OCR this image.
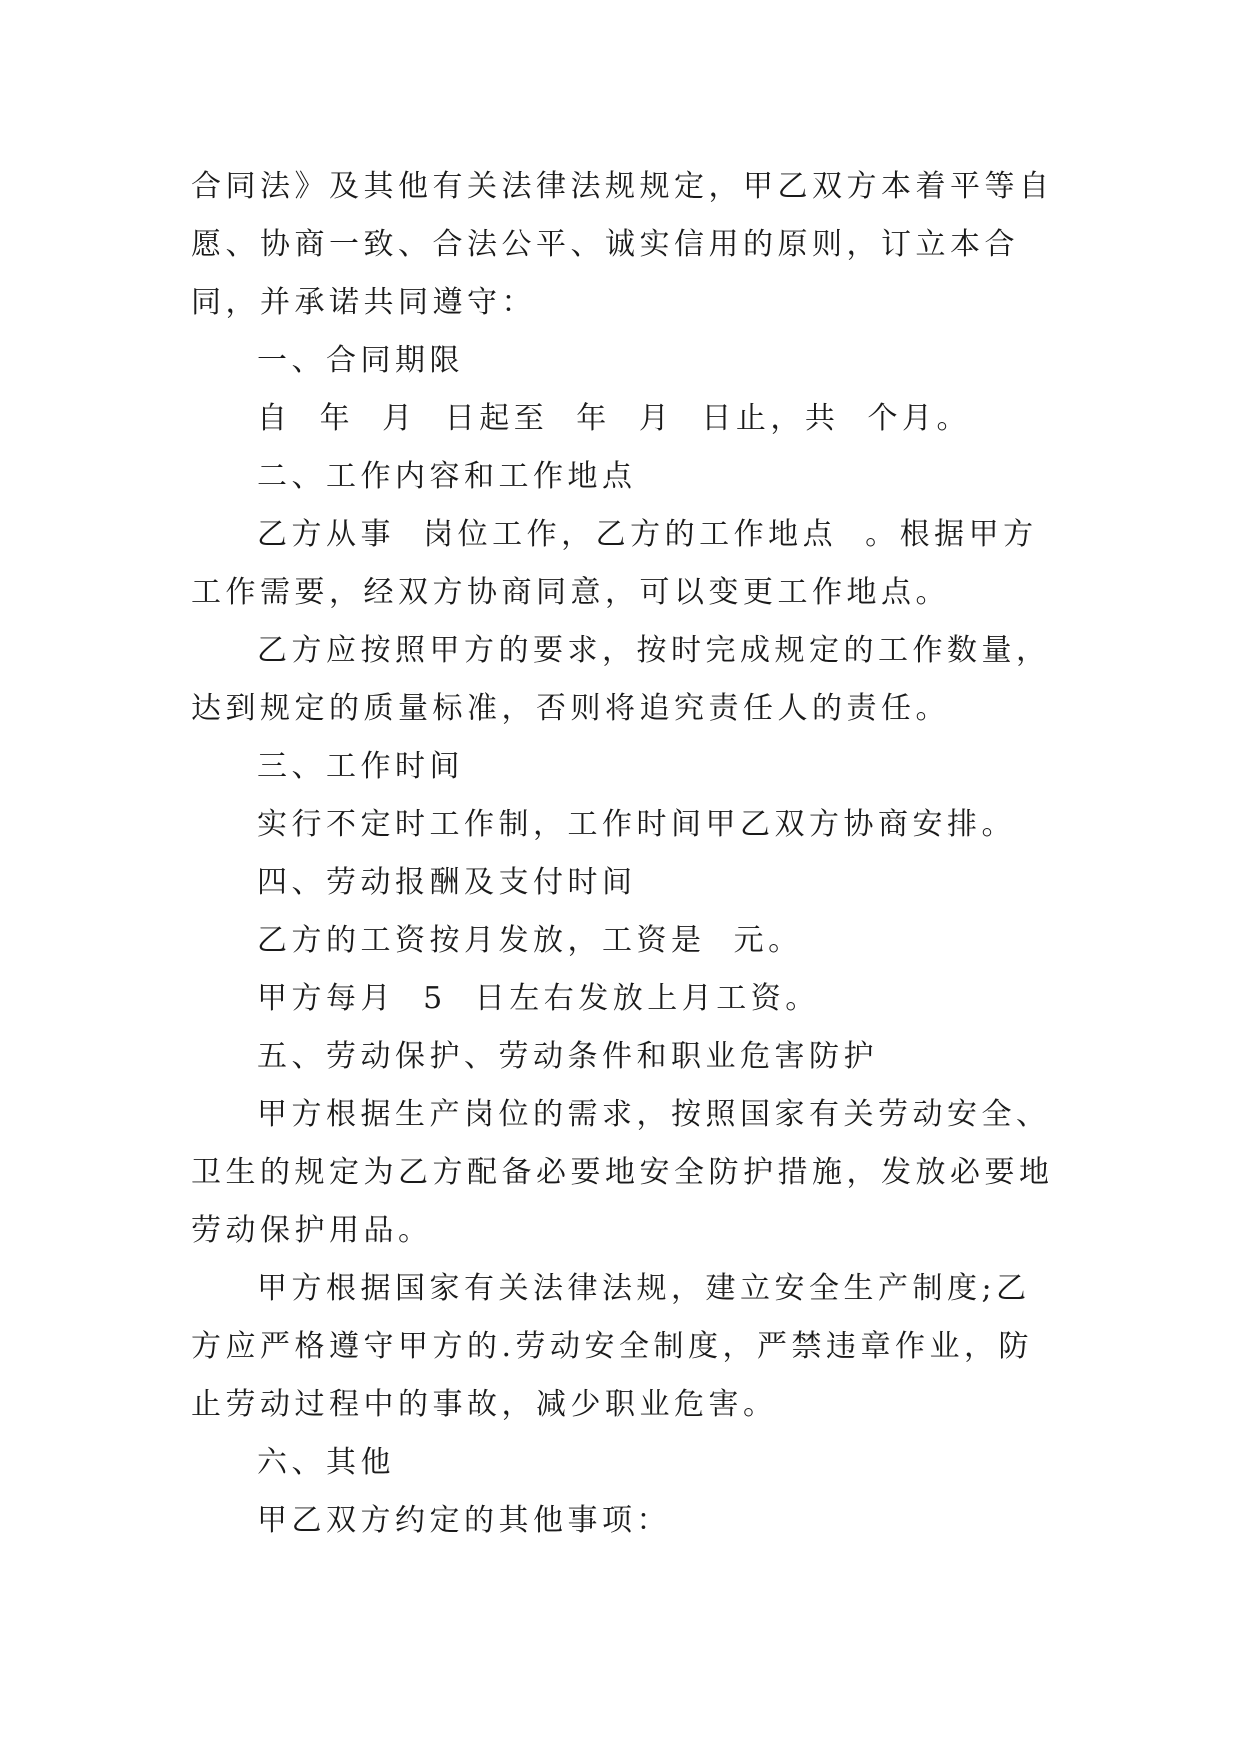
合同法》及其他有关法律法规规定，甲乙双方本着平等自愿、协商一致、合法公平、诚实信用的原则，订立本合同，并承诺共同遵守：

一、合同期限

自  年  月  日起至  年  月  日止，共  个月。

二、工作内容和工作地点

乙方从事  岗位工作，乙方的工作地点  。根据甲方工作需要，经双方协商同意，可以变更工作地点。

乙方应按照甲方的要求，按时完成规定的工作数量，达到规定的质量标准，否则将追究责任人的责任。

三、工作时间

实行不定时工作制，工作时间甲乙双方协商安排。

四、劳动报酬及支付时间

乙方的工资按月发放，工资是  元。

甲方每月  5  日左右发放上月工资。

五、劳动保护、劳动条件和职业危害防护

甲方根据生产岗位的需求，按照国家有关劳动安全、卫生的规定为乙方配备必要地安全防护措施，发放必要地劳动保护用品。

甲方根据国家有关法律法规，建立安全生产制度;乙方应严格遵守甲方的.劳动安全制度，严禁违章作业，防止劳动过程中的事故，减少职业危害。

六、其他

甲乙双方约定的其他事项：
